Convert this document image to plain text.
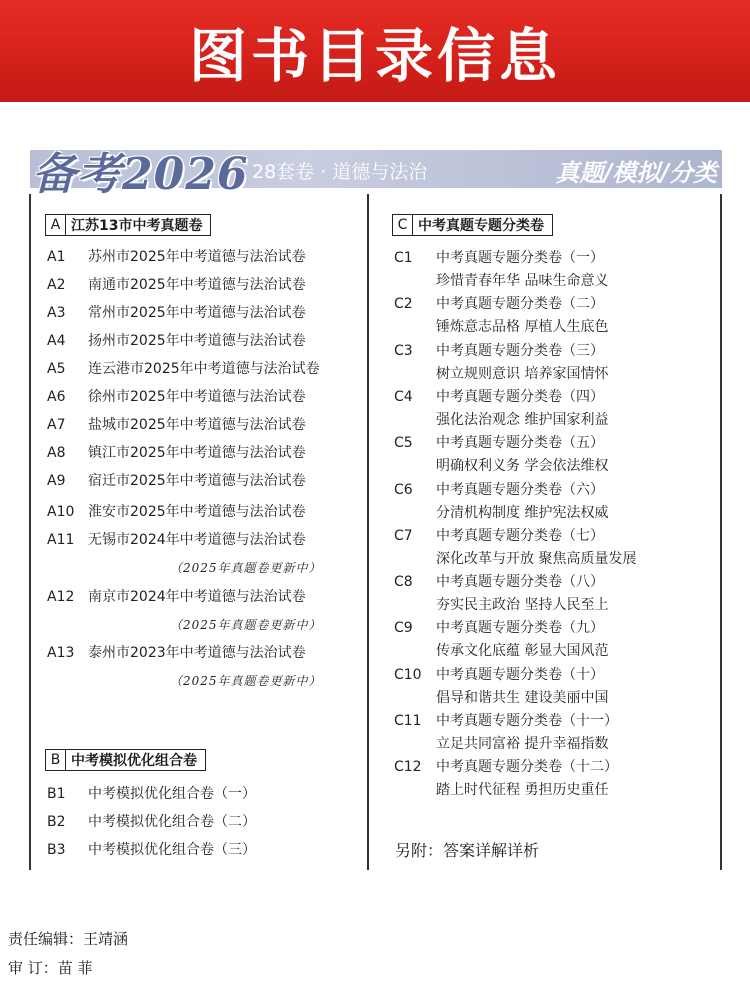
图书目录信息
备考2026 28套卷 · 道德与法治	真题/模拟/分类
A 江苏13市中考真题卷
A1 苏州市2025年中考道德与法治试卷
A2 南通市2025年中考道德与法治试卷
A3 常州市2025年中考道德与法治试卷
A4 扬州市2025年中考道德与法治试卷
A5 连云港市2025年中考道德与法治试卷
A6 徐州市2025年中考道德与法治试卷
A7 盐城市2025年中考道德与法治试卷
A8 镇江市2025年中考道德与法治试卷
A9 宿迁市2025年中考道德与法治试卷
A10 淮安市2025年中考道德与法治试卷
A11 无锡市2024年中考道德与法治试卷
（2025年真题卷更新中）
A12 南京市2024年中考道德与法治试卷
（2025年真题卷更新中）
A13 泰州市2023年中考道德与法治试卷
（2025年真题卷更新中）
B 中考模拟优化组合卷
B1 中考模拟优化组合卷（一）
B2 中考模拟优化组合卷（二）
B3 中考模拟优化组合卷（三）
C 中考真题专题分类卷
C1 中考真题专题分类卷（一）
珍惜青春年华 品味生命意义
C2 中考真题专题分类卷（二）
锤炼意志品格 厚植人生底色
C3 中考真题专题分类卷（三）
树立规则意识 培养家国情怀
C4 中考真题专题分类卷（四）
强化法治观念 维护国家利益
C5 中考真题专题分类卷（五）
明确权利义务 学会依法维权
C6 中考真题专题分类卷（六）
分清机构制度 维护宪法权威
C7 中考真题专题分类卷（七）
深化改革与开放 聚焦高质量发展
C8 中考真题专题分类卷（八）
夯实民主政治 坚持人民至上
C9 中考真题专题分类卷（九）
传承文化底蕴 彰显大国风范
C10 中考真题专题分类卷（十）
倡导和谐共生 建设美丽中国
C11 中考真题专题分类卷（十一）
立足共同富裕 提升幸福指数
C12 中考真题专题分类卷（十二）
踏上时代征程 勇担历史重任
另附：答案详解详析
责任编辑：王靖涵
审 订：苗 菲
